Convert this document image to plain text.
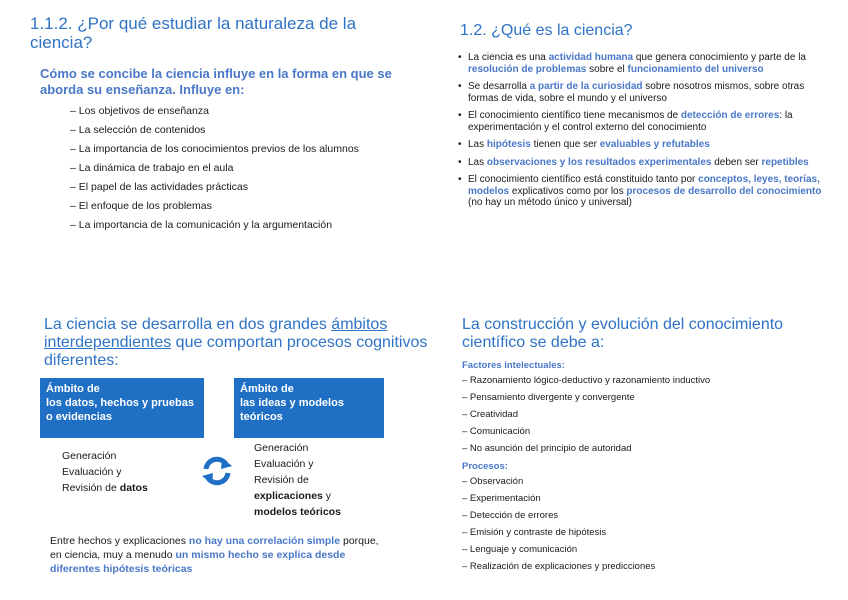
1.1.2. ¿Por qué estudiar la naturaleza de la ciencia?
Cómo se concibe la ciencia influye en la forma en que se aborda su enseñanza. Influye en:
– Los objetivos de enseñanza
– La selección de contenidos
– La importancia de los conocimientos previos de los alumnos
– La dinámica de trabajo en el aula
– El papel de las actividades prácticas
– El enfoque de los problemas
– La importancia de la comunicación y la argumentación
1.2. ¿Qué es la ciencia?
• La ciencia es una actividad humana que genera conocimiento y parte de la resolución de problemas sobre el funcionamiento del universo
• Se desarrolla a partir de la curiosidad sobre nosotros mismos, sobre otras formas de vida, sobre el mundo y el universo
• El conocimiento científico tiene mecanismos de detección de errores: la experimentación y el control externo del conocimiento
• Las hipótesis tienen que ser evaluables y refutables
• Las observaciones y los resultados experimentales deben ser repetibles
• El conocimiento científico está constituido tanto por conceptos, leyes, teorías, modelos explicativos como por los procesos de desarrollo del conocimiento (no hay un método único y universal)
La ciencia se desarrolla en dos grandes ámbitos interdependientes que comportan procesos cognitivos diferentes:
Ámbito de
los datos, hechos y pruebas
o evidencias
Ámbito de
las ideas y modelos
teóricos
Generación
Evaluación y
Revisión de datos
Generación
Evaluación y
Revisión de
explicaciones y
modelos teóricos
Entre hechos y explicaciones no hay una correlación simple porque, en ciencia, muy a menudo un mismo hecho se explica desde diferentes hipótesis teóricas
La construcción y evolución del conocimiento científico se debe a:
Factores intelectuales:
– Razonamiento lógico-deductivo y razonamiento inductivo
– Pensamiento divergente y convergente
– Creatividad
– Comunicación
– No asunción del principio de autoridad
Procesos:
– Observación
– Experimentación
– Detección de errores
– Emisión y contraste de hipótesis
– Lenguaje y comunicación
– Realización de explicaciones y predicciones
